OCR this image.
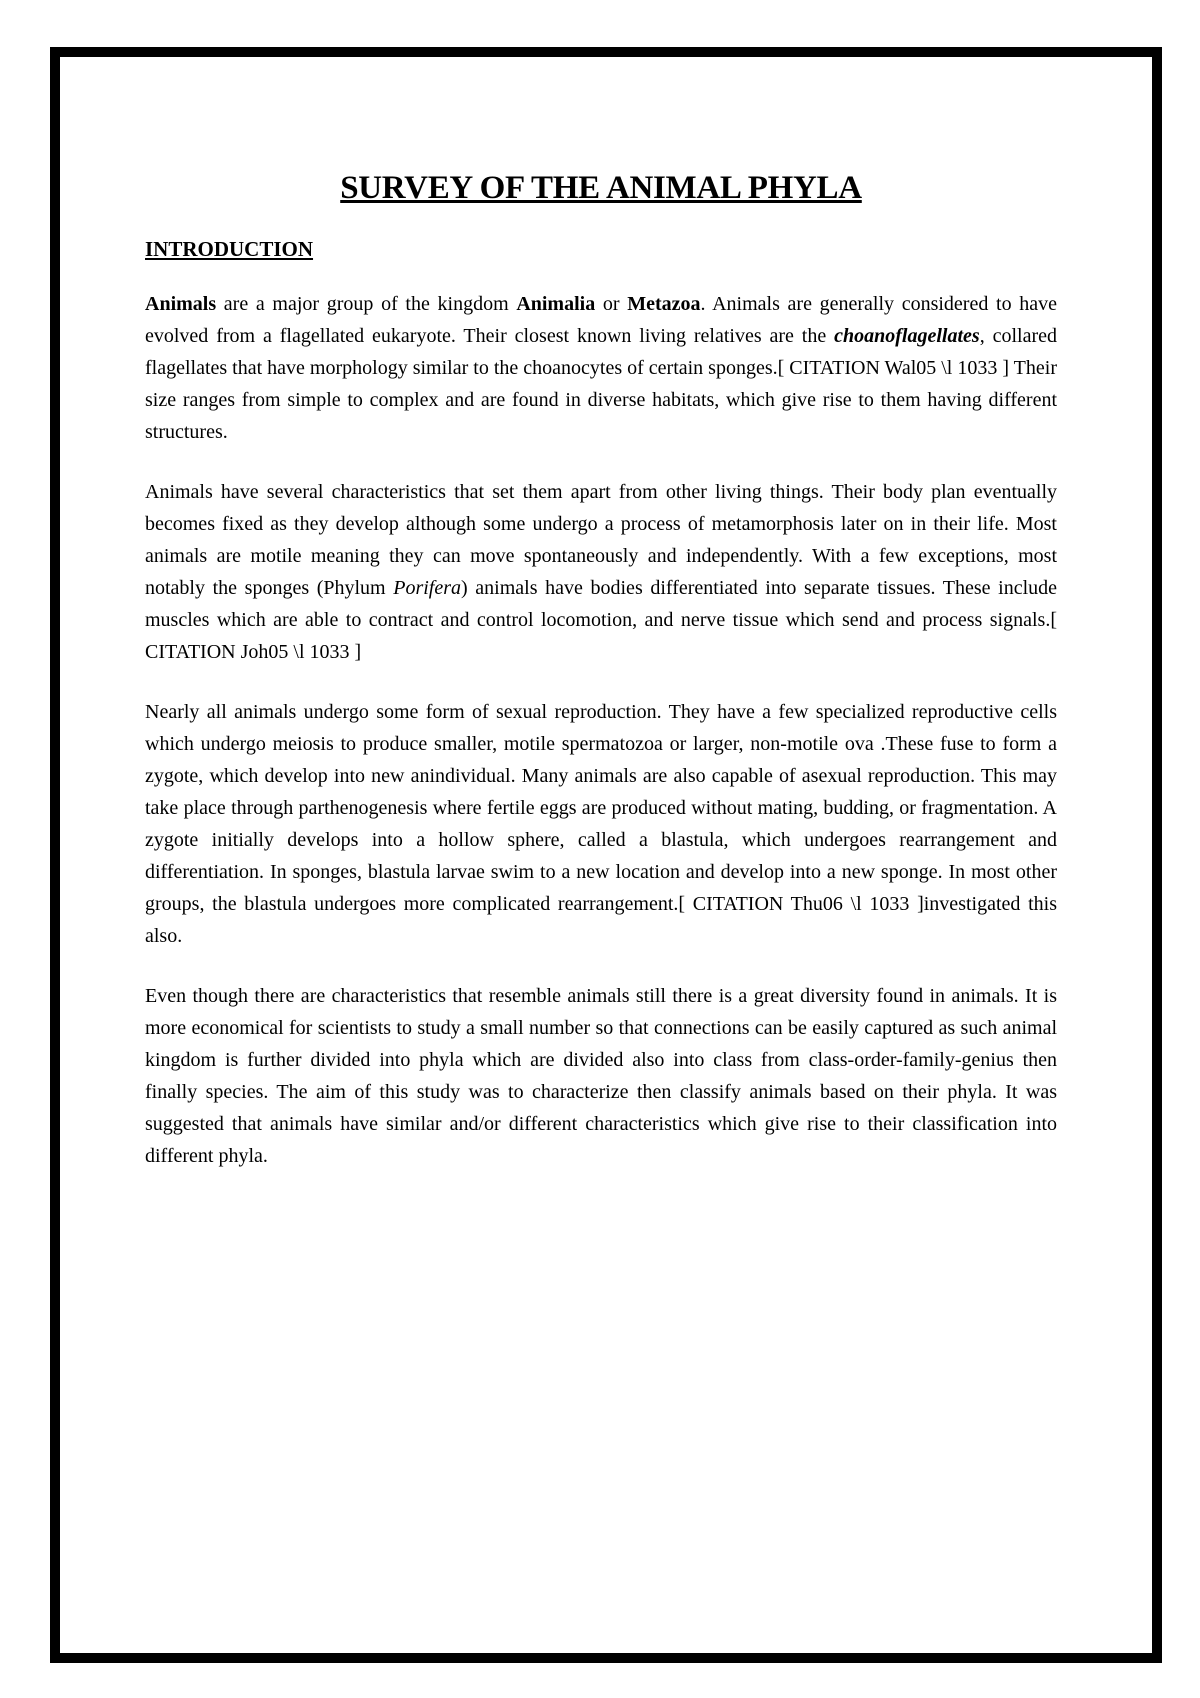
SURVEY OF THE ANIMAL PHYLA
INTRODUCTION

Animals are a major group of the kingdom Animalia or Metazoa. Animals are generally considered to have evolved from a flagellated eukaryote. Their closest known living relatives are the choanoflagellates, collared flagellates that have morphology similar to the choanocytes of certain sponges.[ CITATION Wal05 \l 1033 ] Their size ranges from simple to complex and are found in diverse habitats, which give rise to them having different structures.

Animals have several characteristics that set them apart from other living things. Their body plan eventually becomes fixed as they develop although some undergo a process of metamorphosis later on in their life. Most animals are motile meaning they can move spontaneously and independently. With a few exceptions, most notably the sponges (Phylum Porifera) animals have bodies differentiated into separate tissues. These include muscles which are able to contract and control locomotion, and nerve tissue which send and process signals.[ CITATION Joh05 \l 1033 ]

Nearly all animals undergo some form of sexual reproduction. They have a few specialized reproductive cells which undergo meiosis to produce smaller, motile spermatozoa or larger, non-motile ova .These fuse to form a zygote, which develop into new anindividual. Many animals are also capable of asexual reproduction. This may take place through parthenogenesis where fertile eggs are produced without mating, budding, or fragmentation. A zygote initially develops into a hollow sphere, called a blastula, which undergoes rearrangement and differentiation. In sponges, blastula larvae swim to a new location and develop into a new sponge. In most other groups, the blastula undergoes more complicated rearrangement.[ CITATION Thu06 \l 1033 ]investigated this also.

Even though there are characteristics that resemble animals still there is a great diversity found in animals. It is more economical for scientists to study a small number so that connections can be easily captured as such animal kingdom is further divided into phyla which are divided also into class from class-order-family-genius then finally species. The aim of this study was to characterize then classify animals based on their phyla. It was suggested that animals have similar and/or different characteristics which give rise to their classification into different phyla.
